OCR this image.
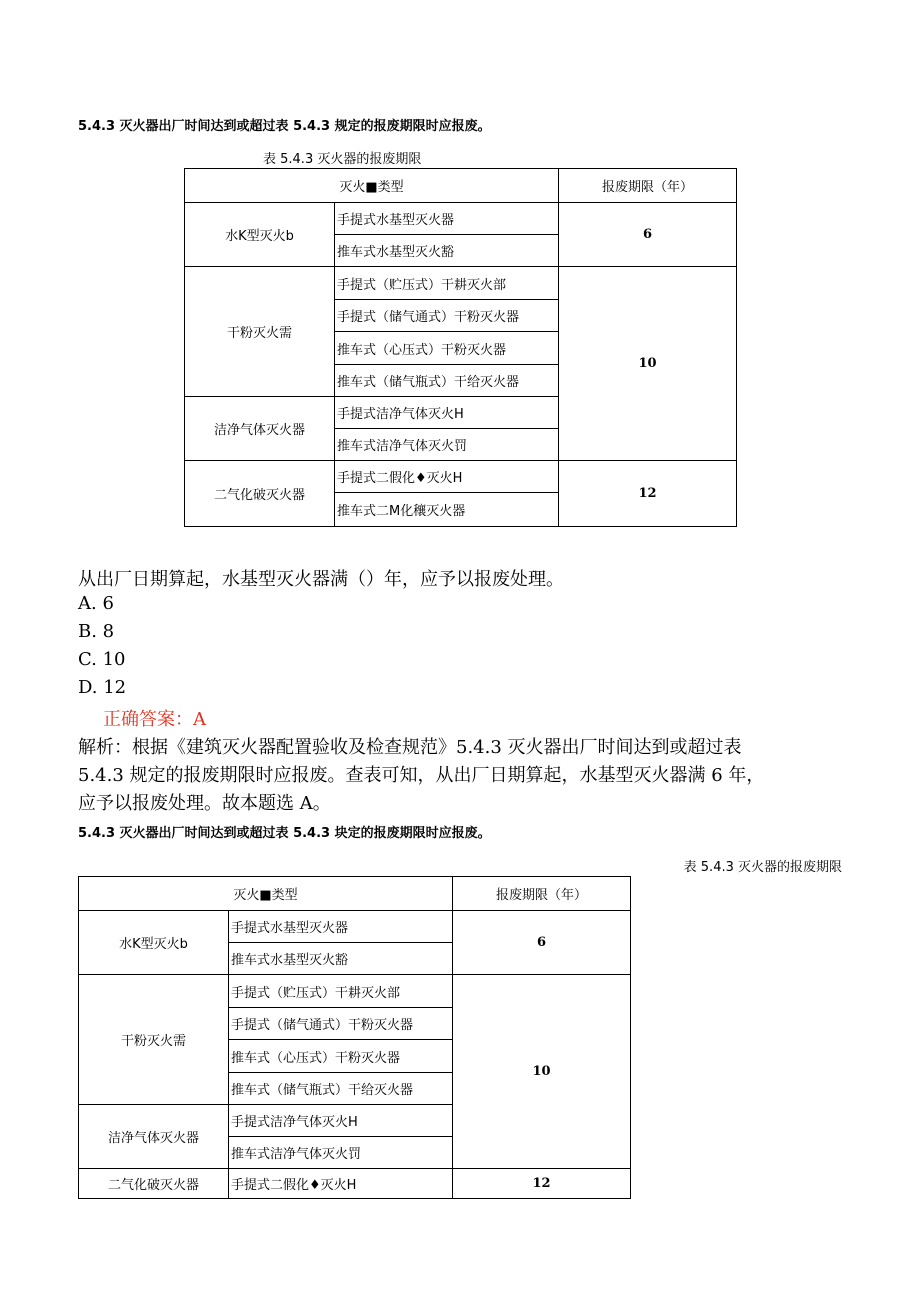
5.4.3 灭火器出厂时间达到或超过表 5.4.3 规定的报废期限时应报废。
表 5.4.3 灭火器的报废期限
灭火■类型		报废期限（年）
水K型灭火b	手提式水基型灭火器	6
	推车式水基型灭火豁	
干粉灭火需	手提式（贮压式）干耕灭火部	10
	手提式（储气通式）干粉灭火器	
	推车式（心压式）干粉灭火器	
	推车式（储气瓶式）干给灭火器	
洁净气体灭火器	手提式洁净气体灭火H	
	推车式洁净气体灭火罚	
二气化破灭火器	手提式二假化♦灭火H	12
	推车式二M化穰灭火器	
从出厂日期算起，水基型灭火器满（）年，应予以报废处理。
A. 6
B. 8
C. 10
D. 12
正确答案：A
解析：根据《建筑灭火器配置验收及检查规范》5.4.3 灭火器出厂时间达到或超过表
5.4.3 规定的报废期限时应报废。查表可知，从出厂日期算起，水基型灭火器满 6 年，
应予以报废处理。故本题选 A。
5.4.3 灭火器出厂时间达到或超过表 5.4.3 块定的报废期限时应报废。
表 5.4.3 灭火器的报废期限
灭火■类型		报废期限（年）
水K型灭火b	手提式水基型灭火器	6
	推车式水基型灭火豁	
干粉灭火需	手提式（贮压式）干耕灭火部	10
	手提式（储气通式）干粉灭火器	
	推车式（心压式）干粉灭火器	
	推车式（储气瓶式）干给灭火器	
洁净气体灭火器	手提式洁净气体灭火H	
	推车式洁净气体灭火罚	
二气化破灭火器	手提式二假化♦灭火H	12
